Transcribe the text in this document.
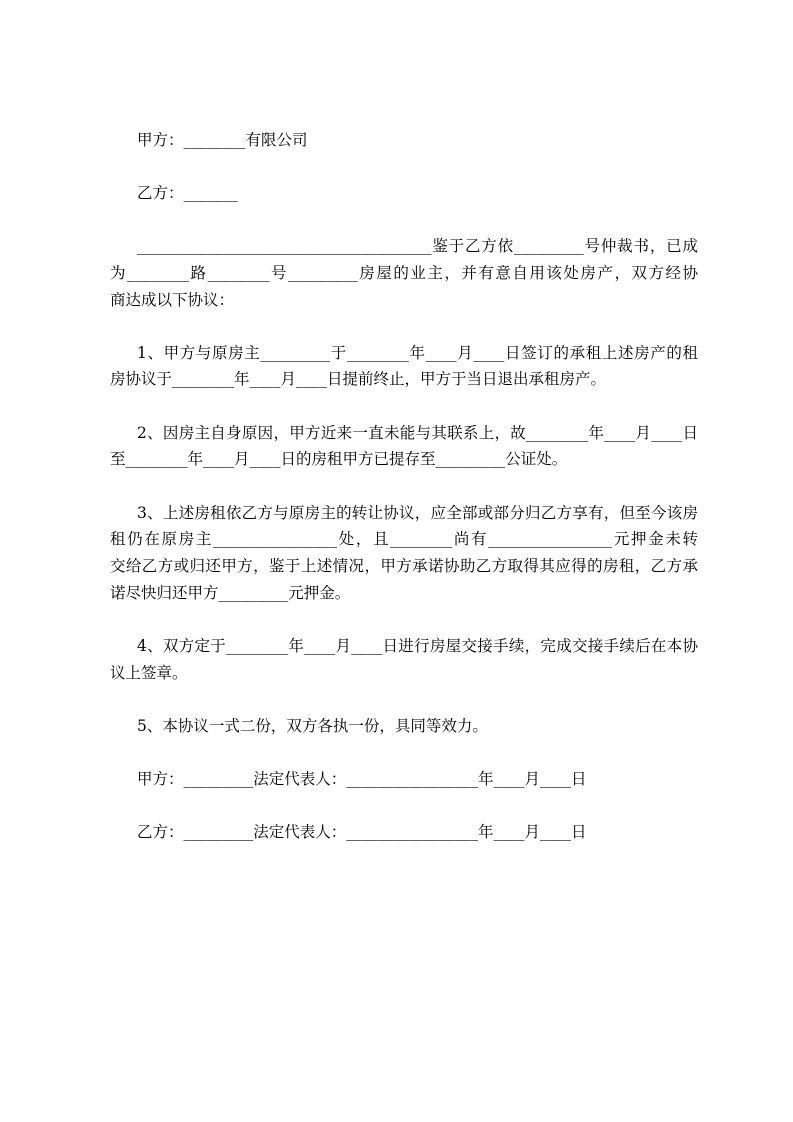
甲方：________有限公司
乙方：_______
______________________________________鉴于乙方依_________号仲裁书，已成
为________路________号_________房屋的业主，并有意自用该处房产，双方经协
商达成以下协议：
1、甲方与原房主_________于________年____月____日签订的承租上述房产的租
房协议于________年____月____日提前终止，甲方于当日退出承租房产。
2、因房主自身原因，甲方近来一直未能与其联系上，故________年____月____日
至________年____月____日的房租甲方已提存至_________公证处。
3、上述房租依乙方与原房主的转让协议，应全部或部分归乙方享有，但至今该房
租仍在原房主________________处，且________尚有________________元押金未转
交给乙方或归还甲方，鉴于上述情况，甲方承诺协助乙方取得其应得的房租，乙方承
诺尽快归还甲方_________元押金。
4、双方定于________年____月____日进行房屋交接手续，完成交接手续后在本协
议上签章。
5、本协议一式二份，双方各执一份，具同等效力。
甲方：_________法定代表人：_________________年____月____日
乙方：_________法定代表人：_________________年____月____日
